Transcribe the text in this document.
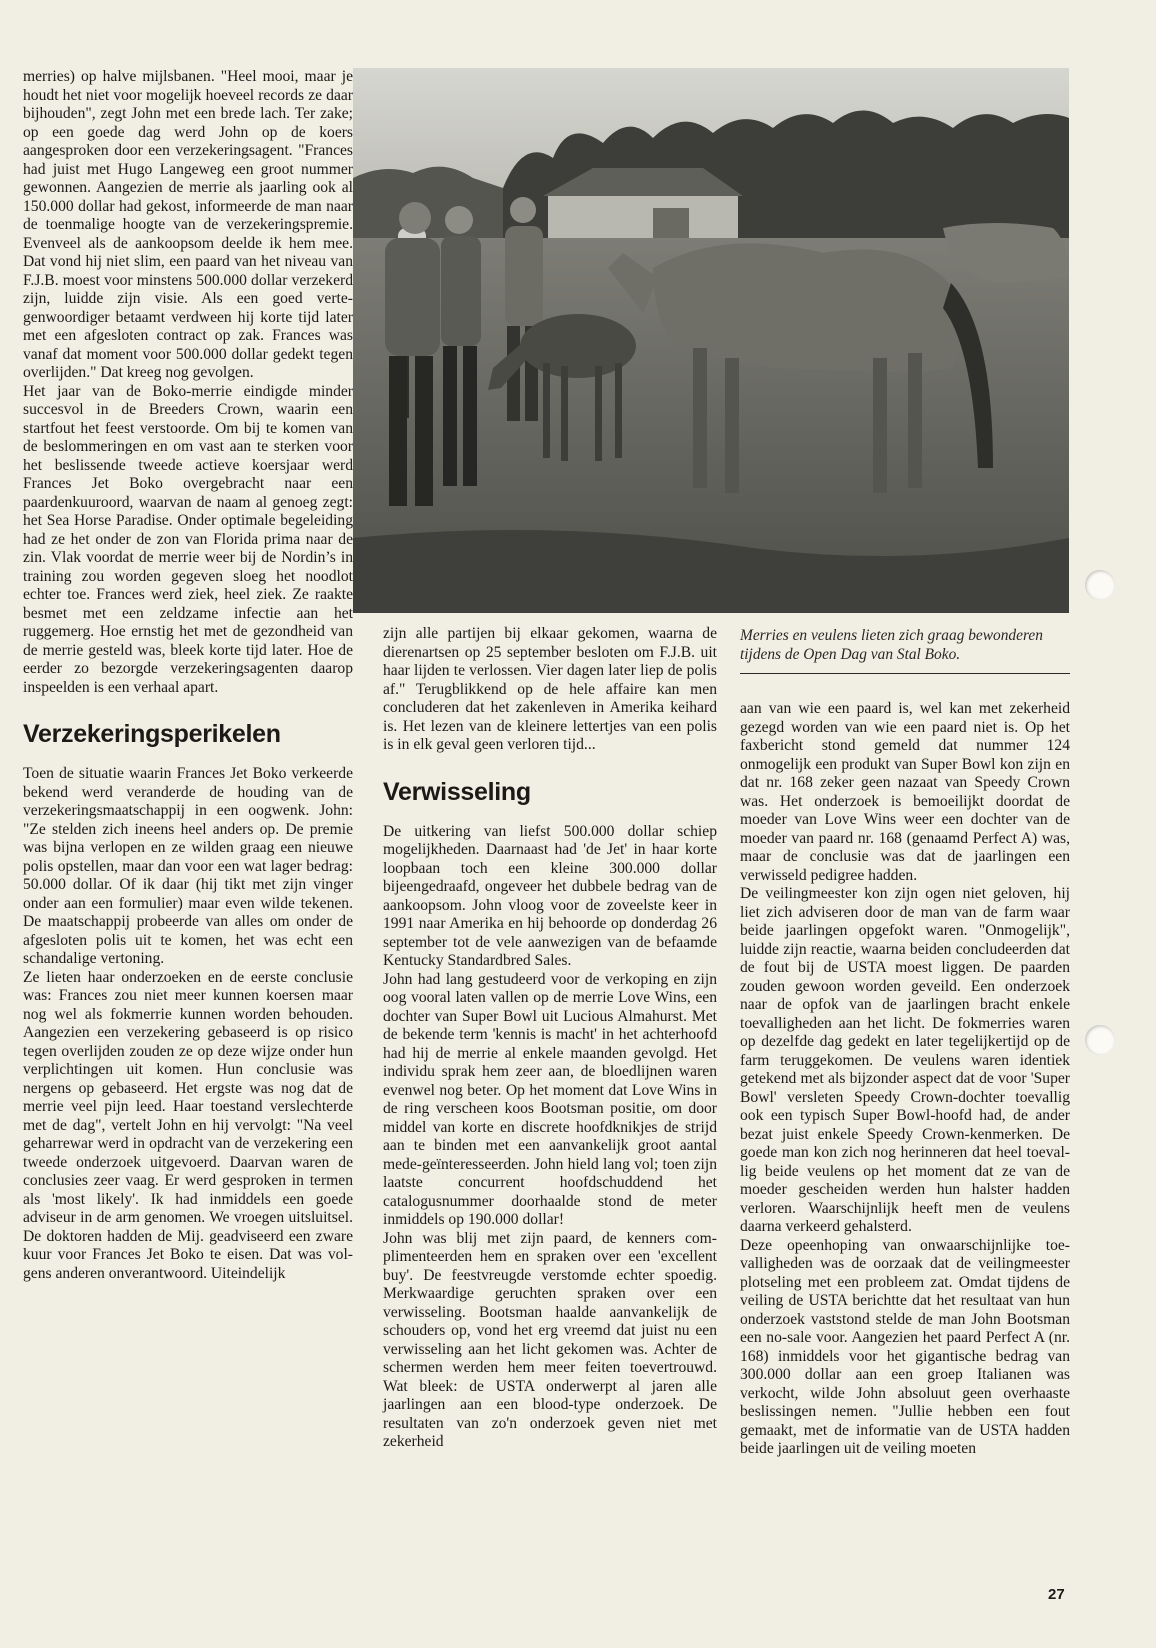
merries) op halve mijlsbanen. "Heel mooi, maar je houdt het niet voor mogelijk hoeveel records ze daar bijhouden", zegt John met een brede lach. Ter zake; op een goede dag werd John op de koers aangesproken door een verzekeringsagent. "Frances had juist met Hugo Langeweg een groot nummer gewonnen. Aangezien de merrie als jaarling ook al 150.000 dollar had gekost, informeerde de man naar de toenmalige hoogte van de verzekeringspremie. Evenveel als de aankoopsom deelde ik hem mee. Dat vond hij niet slim, een paard van het niveau van F.J.B. moest voor minstens 500.000 dollar verzekerd zijn, luidde zijn visie. Als een goed vertegenwoordiger betaamt verdween hij korte tijd later met een afgesloten contract op zak. Frances was vanaf dat moment voor 500.000 dollar gedekt tegen overlijden." Dat kreeg nog gevolgen.

Het jaar van de Boko-merrie eindigde minder succesvol in de Breeders Crown, waarin een startfout het feest verstoorde. Om bij te komen van de beslommeringen en om vast aan te sterken voor het beslissende tweede actieve koersjaar werd Frances Jet Boko overgebracht naar een paardenkuuroord, waarvan de naam al genoeg zegt: het Sea Horse Paradise. Onder optimale begeleiding had ze het onder de zon van Florida prima naar de zin. Vlak voordat de merrie weer bij de Nordin’s in training zou worden gegeven sloeg het noodlot echter toe. Frances werd ziek, heel ziek. Ze raakte besmet met een zeldzame infectie aan het ruggemerg. Hoe ernstig het met de gezondheid van de merrie gesteld was, bleek korte tijd later. Hoe de eerder zo bezorgde verzekeringsagenten daarop inspeelden is een verhaal apart.

Verzekeringsperikelen

Toen de situatie waarin Frances Jet Boko verkeerde bekend werd veranderde de houding van de verzekeringsmaatschappij in een oogwenk. John: "Ze stelden zich ineens heel anders op. De premie was bijna verlopen en ze wilden graag een nieuwe polis opstellen, maar dan voor een wat lager bedrag: 50.000 dollar. Of ik daar (hij tikt met zijn vinger onder aan een formulier) maar even wilde tekenen. De maatschappij probeerde van alles om onder de afgesloten polis uit te komen, het was echt een schandalige vertoning.

Ze lieten haar onderzoeken en de eerste conclusie was: Frances zou niet meer kunnen koersen maar nog wel als fokmerrie kunnen worden behouden. Aangezien een verzekering gebaseerd is op risico tegen overlijden zouden ze op deze wijze onder hun verplichtingen uit komen. Hun conclusie was nergens op gebaseerd. Het ergste was nog dat de merrie veel pijn leed. Haar toestand verslechterde met de dag", vertelt John en hij vervolgt: "Na veel geharrewar werd in opdracht van de verzekering een tweede onderzoek uitgevoerd. Daarvan waren de conclusies zeer vaag. Er werd gesproken in termen als 'most likely'. Ik had inmiddels een goede adviseur in de arm genomen. We vroegen uitsluitsel. De doktoren hadden de Mij. geadviseerd een zware kuur voor Frances Jet Boko te eisen. Dat was volgens anderen onverantwoord. Uiteindelijk

zijn alle partijen bij elkaar gekomen, waarna de dierenartsen op 25 september besloten om F.J.B. uit haar lijden te verlossen. Vier dagen later liep de polis af." Terugblikkend op de hele affaire kan men concluderen dat het zakenleven in Amerika keihard is. Het lezen van de kleinere lettertjes van een polis is in elk geval geen verloren tijd...

Verwisseling

De uitkering van liefst 500.000 dollar schiep mogelijkheden. Daarnaast had 'de Jet' in haar korte loopbaan toch een kleine 300.000 dollar bijeengedraafd, ongeveer het dubbele bedrag van de aankoopsom. John vloog voor de zoveelste keer in 1991 naar Amerika en hij behoorde op donderdag 26 september tot de vele aanwezigen van de befaamde Kentucky Standardbred Sales.

John had lang gestudeerd voor de verkoping en zijn oog vooral laten vallen op de merrie Love Wins, een dochter van Super Bowl uit Lucious Almahurst. Met de bekende term 'kennis is macht' in het achterhoofd had hij de merrie al enkele maanden gevolgd. Het individu sprak hem zeer aan, de bloedlijnen waren evenwel nog beter. Op het moment dat Love Wins in de ring verscheen koos Bootsman positie, om door middel van korte en discrete hoofdknikjes de strijd aan te binden met een aanvankelijk groot aantal mede-geïnteresseerden. John hield lang vol; toen zijn laatste concurrent hoofdschuddend het catalogusnummer doorhaalde stond de meter inmiddels op 190.000 dollar!

John was blij met zijn paard, de kenners complimenteerden hem en spraken over een 'excellent buy'. De feestvreugde verstomde echter spoedig. Merkwaardige geruchten spraken over een verwisseling. Bootsman haalde aanvankelijk de schouders op, vond het erg vreemd dat juist nu een verwisseling aan het licht gekomen was. Achter de schermen werden hem meer feiten toevertrouwd. Wat bleek: de USTA onderwerpt al jaren alle jaarlingen aan een blood-type onderzoek. De resultaten van zo'n onderzoek geven niet met zekerheid

Merries en veulens lieten zich graag bewonderen tijdens de Open Dag van Stal Boko.

aan van wie een paard is, wel kan met zekerheid gezegd worden van wie een paard niet is. Op het faxbericht stond gemeld dat nummer 124 onmogelijk een produkt van Super Bowl kon zijn en dat nr. 168 zeker geen nazaat van Speedy Crown was. Het onderzoek is bemoeilijkt doordat de moeder van Love Wins weer een dochter van de moeder van paard nr. 168 (genaamd Perfect A) was, maar de conclusie was dat de jaarlingen een verwisseld pedigree hadden.

De veilingmeester kon zijn ogen niet geloven, hij liet zich adviseren door de man van de farm waar beide jaarlingen opgefokt waren. "Onmogelijk", luidde zijn reactie, waarna beiden concludeerden dat de fout bij de USTA moest liggen. De paarden zouden gewoon worden geveild. Een onderzoek naar de opfok van de jaarlingen bracht enkele toevalligheden aan het licht. De fokmerries waren op dezelfde dag gedekt en later tegelijkertijd op de farm teruggekomen. De veulens waren identiek getekend met als bijzonder aspect dat de voor 'Super Bowl' versleten Speedy Crown-dochter toevallig ook een typisch Super Bowl-hoofd had, de ander bezat juist enkele Speedy Crown-kenmerken. De goede man kon zich nog herinneren dat heel toevallig beide veulens op het moment dat ze van de moeder gescheiden werden hun halster hadden verloren. Waarschijnlijk heeft men de veulens daarna verkeerd gehalsterd.

Deze opeenhoping van onwaarschijnlijke toevalligheden was de oorzaak dat de veilingmeester plotseling met een probleem zat. Omdat tijdens de veiling de USTA berichtte dat het resultaat van hun onderzoek vaststond stelde de man John Bootsman een no-sale voor. Aangezien het paard Perfect A (nr. 168) inmiddels voor het gigantische bedrag van 300.000 dollar aan een groep Italianen was verkocht, wilde John absoluut geen overhaaste beslissingen nemen. "Jullie hebben een fout gemaakt, met de informatie van de USTA hadden beide jaarlingen uit de veiling moeten

27
